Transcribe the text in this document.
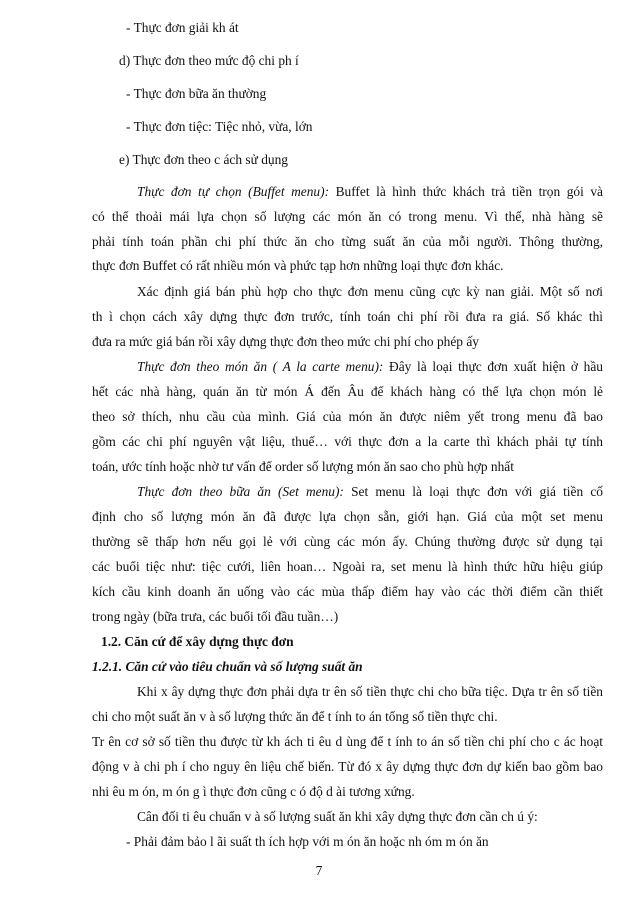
- Thực đơn giải kh át
d) Thực đơn theo mức độ chi ph í
- Thực đơn bữa ăn thường
- Thực đơn tiệc: Tiệc nhỏ, vừa, lớn
e) Thực đơn theo c ách sử dụng
Thực đơn tự chọn (Buffet menu): Buffet là hình thức khách trả tiền trọn gói và
có thể thoải mái lựa chọn số lượng các món ăn có trong menu. Vì thế, nhà hàng sẽ
phải tính toán phần chi phí thức ăn cho từng suất ăn của mỗi người. Thông thường,
thực đơn Buffet có rất nhiều món và phức tạp hơn những loại thực đơn khác.
Xác định giá bán phù hợp cho thực đơn menu cũng cực kỳ nan giải. Một số nơi
th ì chọn cách xây dựng thực đơn trước, tính toán chi phí rồi đưa ra giá. Số khác thì
đưa ra mức giá bán rồi xây dựng thực đơn theo mức chi phí cho phép ấy
Thực đơn theo món ăn ( A la carte menu): Đây là loại thực đơn xuất hiện ở hầu
hết các nhà hàng, quán ăn từ món Á đến Âu để khách hàng có thể lựa chọn món lẻ
theo sở thích, nhu cầu của mình. Giá của món ăn được niêm yết trong menu đã bao
gồm các chi phí nguyên vật liệu, thuế… với thực đơn a la carte thì khách phải tự tính
toán, ước tính hoặc nhờ tư vấn để order số lượng món ăn sao cho phù hợp nhất
Thực đơn theo bữa ăn (Set menu): Set menu là loại thực đơn với giá tiền cố
định cho số lượng món ăn đã được lựa chọn sẵn, giới hạn. Giá của một set menu
thường sẽ thấp hơn nếu gọi lẻ với cùng các món ấy. Chúng thường được sử dụng tại
các buổi tiệc như: tiệc cưới, liên hoan… Ngoài ra, set menu là hình thức hữu hiệu giúp
kích cầu kinh doanh ăn uống vào các mùa thấp điểm hay vào các thời điểm cần thiết
trong ngày (bữa trưa, các buổi tối đầu tuần…)
1.2. Căn cứ để xây dựng thực đơn
1.2.1. Căn cứ vào tiêu chuẩn và số lượng suất ăn
Khi x ây dựng thực đơn phải dựa tr ên số tiền thực chi cho bữa tiệc. Dựa tr ên số tiền
chi cho một suất ăn v à số lượng thức ăn để t ính to án tổng số tiền thực chi.
Tr ên cơ sở số tiền thu được từ kh ách ti êu d ùng để t ính to án số tiền chi phí cho c ác hoạt
động v à chi ph í cho nguy ên liệu chế biến. Từ đó x ây dựng thực đơn dự kiến bao gồm bao
nhi êu m ón, m ón g ì thực đơn cũng c ó độ d ài tương xứng.
Cân đối ti êu chuẩn v à số lượng suất ăn khi xây dựng thực đơn cần ch ú ý:
- Phải đảm bảo l ãi suất th ích hợp với m ón ăn hoặc nh óm m ón ăn
7
